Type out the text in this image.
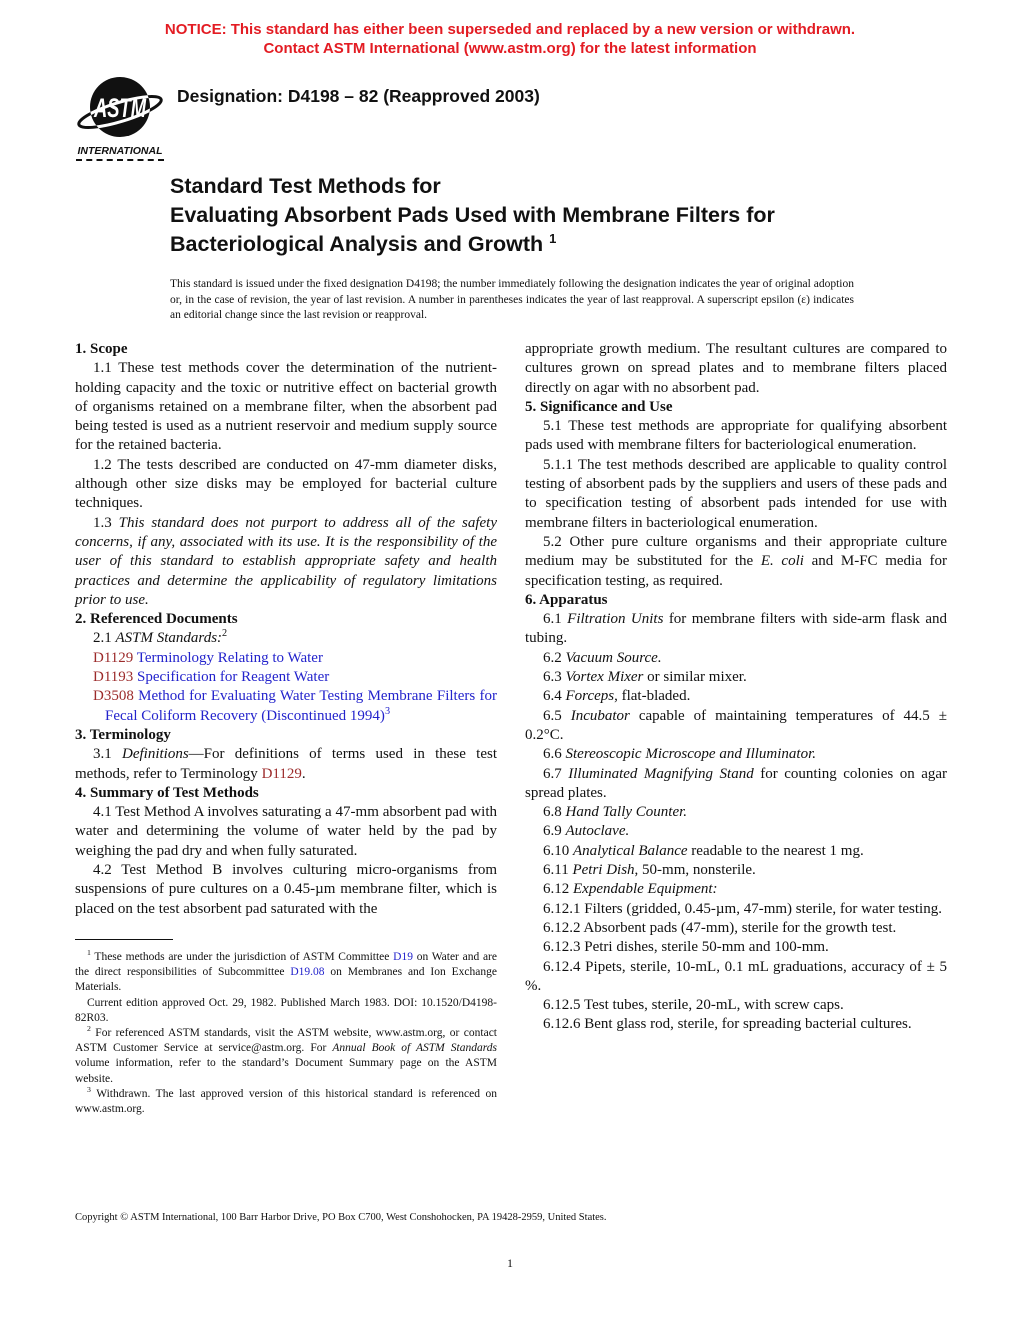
NOTICE: This standard has either been superseded and replaced by a new version or withdrawn.
Contact ASTM International (www.astm.org) for the latest information
ASTM
INTERNATIONAL
Designation: D4198 – 82 (Reapproved 2003)
Standard Test Methods for
Evaluating Absorbent Pads Used with Membrane Filters for
Bacteriological Analysis and Growth $^1$

This standard is issued under the fixed designation D4198; the number immediately following the designation indicates the year of original adoption or, in the case of revision, the year of last revision. A number in parentheses indicates the year of last reapproval. A superscript epsilon (ε) indicates an editorial change since the last revision or reapproval.

1. Scope

1.1 These test methods cover the determination of the nutrient-holding capacity and the toxic or nutritive effect on bacterial growth of organisms retained on a membrane filter, when the absorbent pad being tested is used as a nutrient reservoir and medium supply source for the retained bacteria.

1.2 The tests described are conducted on 47-mm diameter disks, although other size disks may be employed for bacterial culture techniques.

1.3 This standard does not purport to address all of the safety concerns, if any, associated with its use. It is the responsibility of the user of this standard to establish appropriate safety and health practices and determine the applicability of regulatory limitations prior to use.

2. Referenced Documents

2.1 ASTM Standards:$^2$

D1129 Terminology Relating to Water

D1193 Specification for Reagent Water

D3508 Method for Evaluating Water Testing Membrane Filters for Fecal Coliform Recovery (Discontinued 1994)$^3$

3. Terminology

3.1 Definitions—For definitions of terms used in these test methods, refer to Terminology D1129.

4. Summary of Test Methods

4.1 Test Method A involves saturating a 47-mm absorbent pad with water and determining the volume of water held by the pad by weighing the pad dry and when fully saturated.

4.2 Test Method B involves culturing micro-organisms from suspensions of pure cultures on a 0.45-µm membrane filter, which is placed on the test absorbent pad saturated with the

$^1$ These methods are under the jurisdiction of ASTM Committee D19 on Water and are the direct responsibilities of Subcommittee D19.08 on Membranes and Ion Exchange Materials.

Current edition approved Oct. 29, 1982. Published March 1983. DOI: 10.1520/D4198-82R03.

$^2$ For referenced ASTM standards, visit the ASTM website, www.astm.org, or contact ASTM Customer Service at service@astm.org. For Annual Book of ASTM Standards volume information, refer to the standard’s Document Summary page on the ASTM website.

$^3$ Withdrawn. The last approved version of this historical standard is referenced on www.astm.org.

appropriate growth medium. The resultant cultures are compared to cultures grown on spread plates and to membrane filters placed directly on agar with no absorbent pad.

5. Significance and Use

5.1 These test methods are appropriate for qualifying absorbent pads used with membrane filters for bacteriological enumeration.

5.1.1 The test methods described are applicable to quality control testing of absorbent pads by the suppliers and users of these pads and to specification testing of absorbent pads intended for use with membrane filters in bacteriological enumeration.

5.2 Other pure culture organisms and their appropriate culture medium may be substituted for the E. coli and M-FC media for specification testing, as required.

6. Apparatus

6.1 Filtration Units for membrane filters with side-arm flask and tubing.

6.2 Vacuum Source.

6.3 Vortex Mixer or similar mixer.

6.4 Forceps, flat-bladed.

6.5 Incubator capable of maintaining temperatures of 44.5 ± 0.2°C.

6.6 Stereoscopic Microscope and Illuminator.

6.7 Illuminated Magnifying Stand for counting colonies on agar spread plates.

6.8 Hand Tally Counter.

6.9 Autoclave.

6.10 Analytical Balance readable to the nearest 1 mg.

6.11 Petri Dish, 50-mm, nonsterile.

6.12 Expendable Equipment:

6.12.1 Filters (gridded, 0.45-µm, 47-mm) sterile, for water testing.

6.12.2 Absorbent pads (47-mm), sterile for the growth test.

6.12.3 Petri dishes, sterile 50-mm and 100-mm.

6.12.4 Pipets, sterile, 10-mL, 0.1 mL graduations, accuracy of ± 5 %.

6.12.5 Test tubes, sterile, 20-mL, with screw caps.

6.12.6 Bent glass rod, sterile, for spreading bacterial cultures.

Copyright © ASTM International, 100 Barr Harbor Drive, PO Box C700, West Conshohocken, PA 19428-2959, United States.
1
